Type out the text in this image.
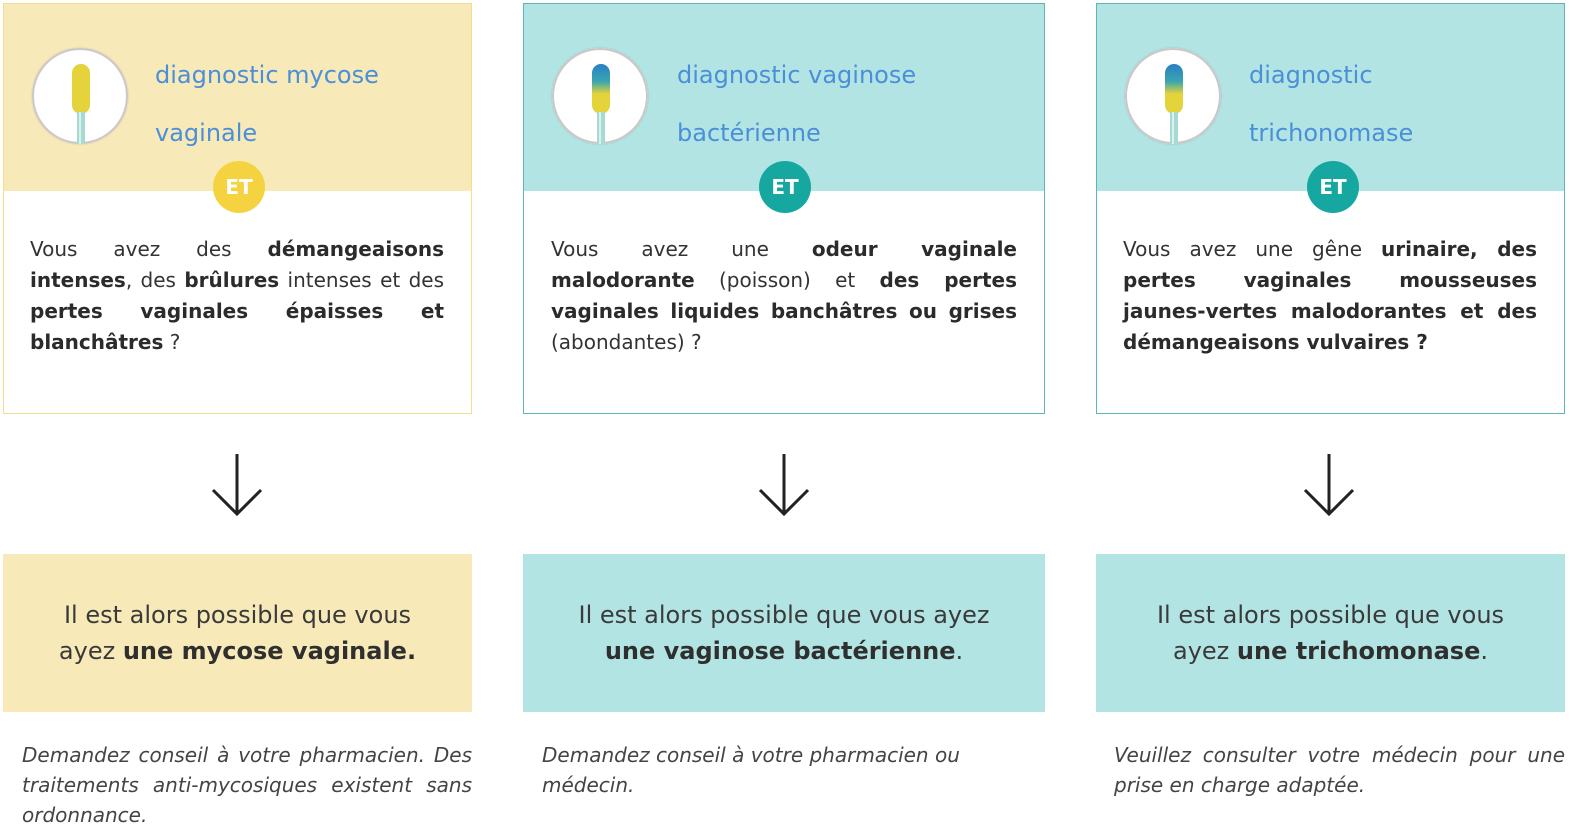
diagnostic mycose
vaginale
ET
Vous avez des démangeaisons intenses, des brûlures intenses et des pertes vaginales épaisses et blanchâtres ?
Il est alors possible que vous ayez une mycose vaginale.
Demandez conseil à votre pharmacien. Des traitements anti-mycosiques existent sans ordonnance.
diagnostic vaginose
bactérienne
ET
Vous avez une odeur vaginale malodorante (poisson) et des pertes vaginales liquides banchâtres ou grises (abondantes) ?
Il est alors possible que vous ayez une vaginose bactérienne.
Demandez conseil à votre pharmacien ou médecin.
diagnostic
trichonomase
ET
Vous avez une gêne urinaire, des pertes vaginales mousseuses jaunes-vertes malodorantes et des démangeaisons vulvaires ?
Il est alors possible que vous ayez une trichomonase.
Veuillez consulter votre médecin pour une prise en charge adaptée.
